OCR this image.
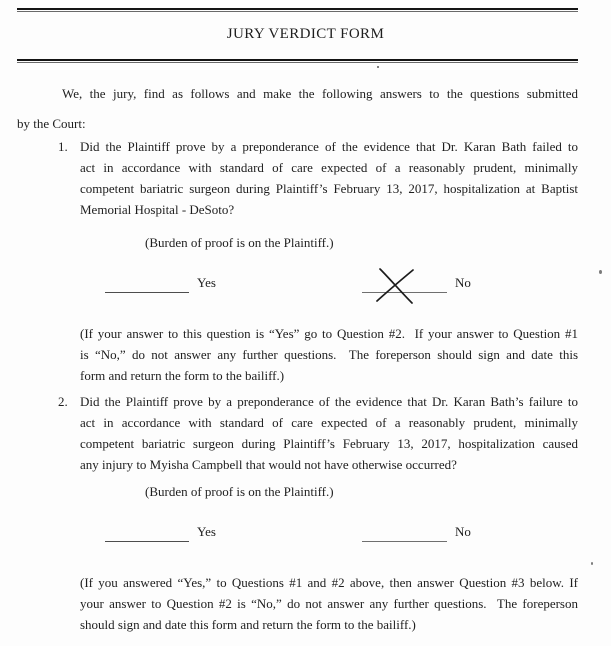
JURY VERDICT FORM
We, the jury, find as follows and make the following answers to the questions submitted
by the Court:
1. Did the Plaintiff prove by a preponderance of the evidence that Dr. Karan Bath failed to
act in accordance with standard of care expected of a reasonably prudent, minimally
competent bariatric surgeon during Plaintiff’s February 13, 2017, hospitalization at Baptist
Memorial Hospital - DeSoto?
(Burden of proof is on the Plaintiff.)
Yes	No
(If your answer to this question is “Yes” go to Question #2.  If your answer to Question #1
is “No,” do not answer any further questions.  The foreperson should sign and date this
form and return the form to the bailiff.)
2. Did the Plaintiff prove by a preponderance of the evidence that Dr. Karan Bath’s failure to
act in accordance with standard of care expected of a reasonably prudent, minimally
competent bariatric surgeon during Plaintiff’s February 13, 2017, hospitalization caused
any injury to Myisha Campbell that would not have otherwise occurred?
(Burden of proof is on the Plaintiff.)
Yes	No
(If you answered “Yes,” to Questions #1 and #2 above, then answer Question #3 below. If
your answer to Question #2 is “No,” do not answer any further questions.  The foreperson
should sign and date this form and return the form to the bailiff.)
